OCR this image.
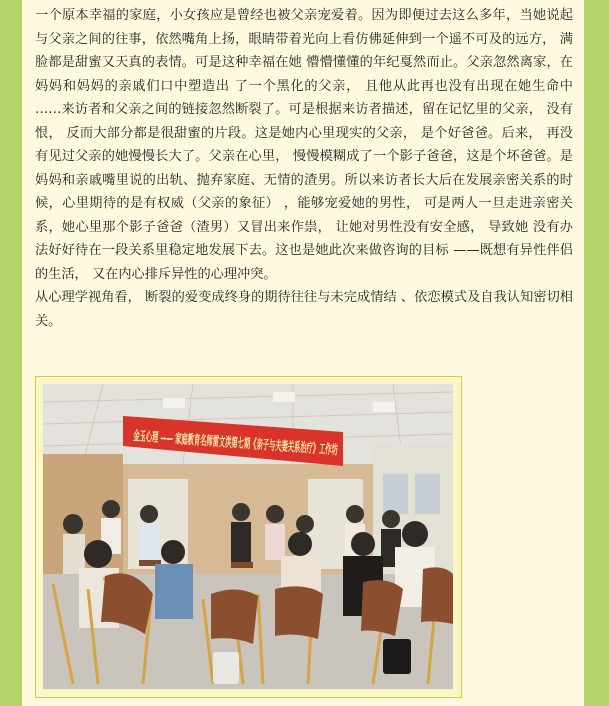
一个原本幸福的家庭，小女孩应是曾经也被父亲宠爱着。因为即便过去这么多年，当她说起与父亲之间的往事，依然嘴角上扬，眼睛带着光向上看仿佛延伸到一个遥不可及的远方， 满脸都是甜蜜又天真的表情。可是这种幸福在她 懵懵懂懂的年纪戛然而止。父亲忽然离家，在妈妈和妈妈的亲戚们口中塑造出 了一个黑化的父亲， 且他从此再也没有出现在她生命中 ……来访者和父亲之间的链接忽然断裂了。可是根据来访者描述，留在记忆里的父亲， 没有恨， 反而大部分都是很甜蜜的片段。这是她内心里现实的父亲， 是个好爸爸。后来， 再没有见过父亲的她慢慢长大了。父亲在心里， 慢慢模糊成了一个影子爸爸，这是个坏爸爸。是妈妈和亲戚嘴里说的出轨、抛弃家庭、无情的渣男。所以来访者长大后在发展亲密关系的时候，心里期待的是有权威（父亲的象征） ，能够宠爱她的男性， 可是两人一旦走进亲密关系，她心里那个影子爸爸（渣男）又冒出来作祟， 让她对男性没有安全感， 导致她 没有办法好好待在一段关系里稳定地发展下去。这也是她此次来做咨询的目标 ——既想有异性伴侣的生活， 又在内心排斥异性的心理冲突。

从心理学视角看， 断裂的爱变成终身的期待往往与未完成情结 、依恋模式及自我认知密切相关。
